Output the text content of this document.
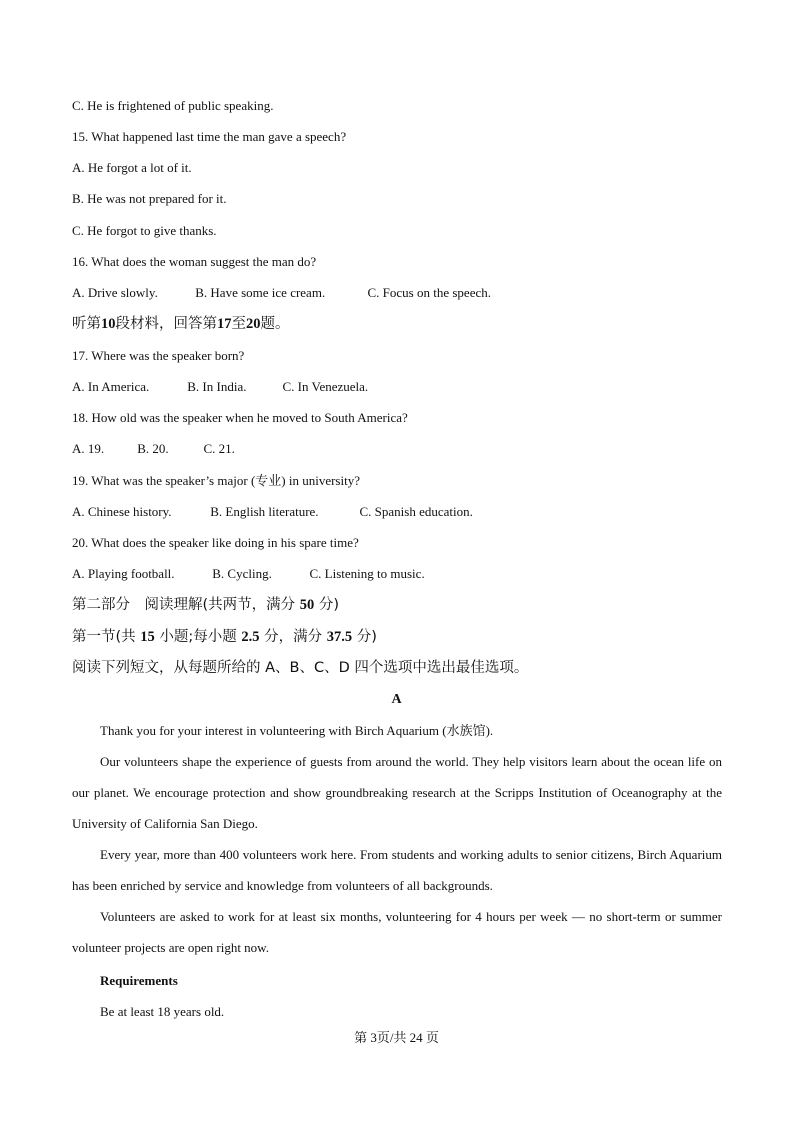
C. He is frightened of public speaking.
15. What happened last time the man gave a speech?
A. He forgot a lot of it.
B. He was not prepared for it.
C. He forgot to give thanks.
16. What does the woman suggest the man do?
A. Drive slowly.	B. Have some ice cream.	C. Focus on the speech.
听第10段材料，回答第17至20题。
17. Where was the speaker born?
A. In America.	B. In India.	C. In Venezuela.
18. How old was the speaker when he moved to South America?
A. 19.	B. 20.	C. 21.
19. What was the speaker’s major (专业) in university?
A. Chinese history.	B. English literature.	C. Spanish education.
20. What does the speaker like doing in his spare time?
A. Playing football.	B. Cycling.	C. Listening to music.
第二部分　阅读理解(共两节，满分 50 分)
第一节(共 15 小题;每小题 2.5 分，满分 37.5 分)
阅读下列短文，从每题所给的 A、B、C、D 四个选项中选出最佳选项。
A

Thank you for your interest in volunteering with Birch Aquarium (水族馆).

Our volunteers shape the experience of guests from around the world. They help visitors learn about the ocean life on our planet. We encourage protection and show groundbreaking research at the Scripps Institution of Oceanography at the University of California San Diego.

Every year, more than 400 volunteers work here. From students and working adults to senior citizens, Birch Aquarium has been enriched by service and knowledge from volunteers of all backgrounds.

Volunteers are asked to work for at least six months, volunteering for 4 hours per week — no short-term or summer volunteer projects are open right now.

Requirements
Be at least 18 years old.
第 3页/共 24 页
